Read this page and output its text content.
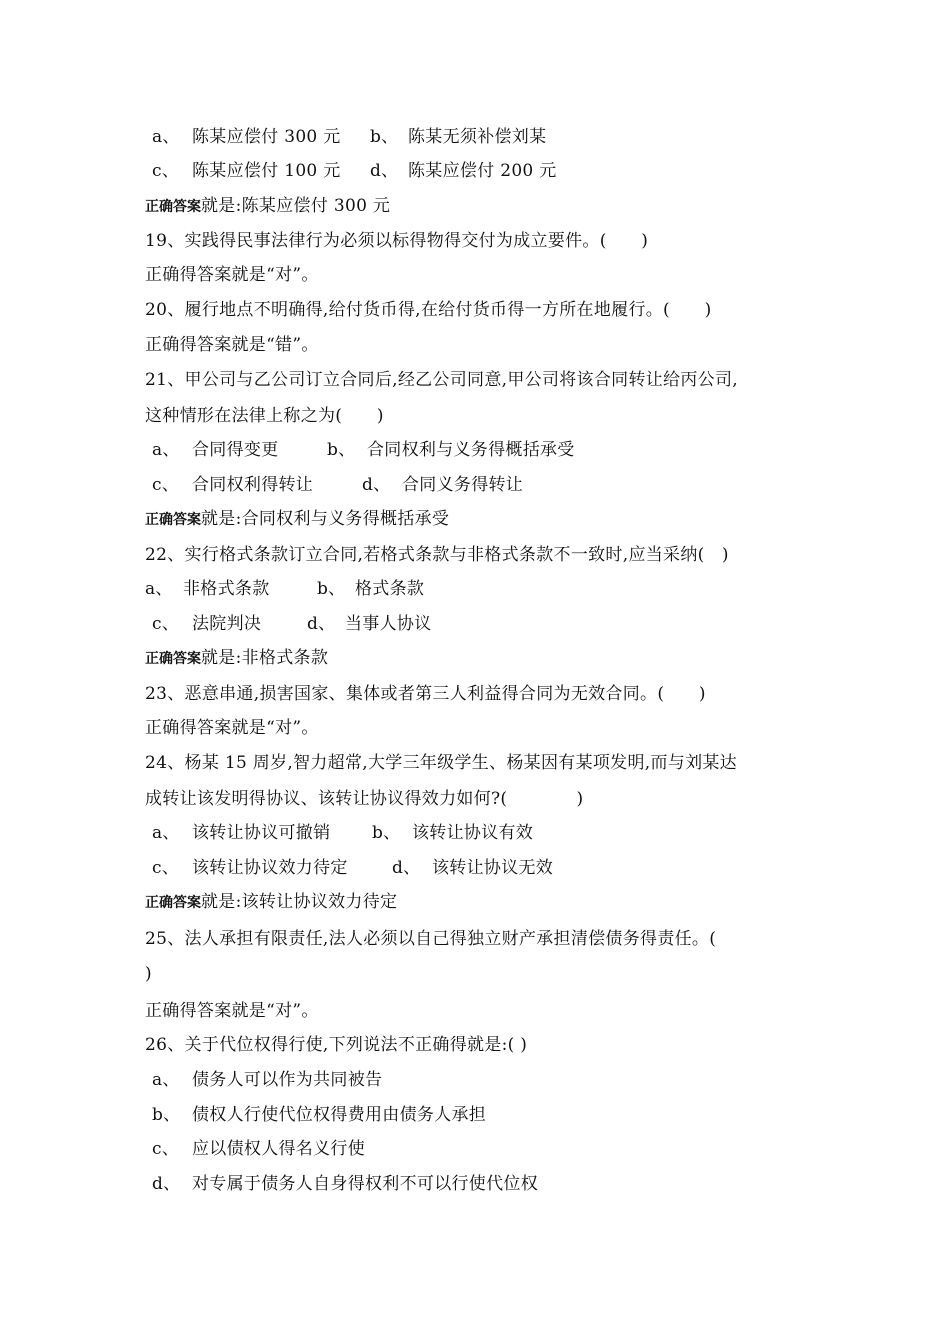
a、 陈某应偿付 300 元 b、 陈某无须补偿刘某
c、 陈某应偿付 100 元 d、 陈某应偿付 200 元
正确答案就是:陈某应偿付 300 元
19、实践得民事法律行为必须以标得物得交付为成立要件。(　　)
正确得答案就是“对”。
20、履行地点不明确得,给付货币得,在给付货币得一方所在地履行。(　　)
正确得答案就是“错”。
21、甲公司与乙公司订立合同后,经乙公司同意,甲公司将该合同转让给丙公司,
这种情形在法律上称之为(　　)
a、 合同得变更	b、 合同权利与义务得概括承受
c、 合同权利得转让	d、 合同义务得转让
正确答案就是:合同权利与义务得概括承受
22、实行格式条款订立合同,若格式条款与非格式条款不一致时,应当采纳(　)
a、 非格式条款	b、 格式条款
c、 法院判决	d、 当事人协议
正确答案就是:非格式条款
23、恶意串通,损害国家、集体或者第三人利益得合同为无效合同。(　　)
正确得答案就是“对”。
24、杨某 15 周岁,智力超常,大学三年级学生、杨某因有某项发明,而与刘某达
成转让该发明得协议、该转让协议得效力如何?(　　　　)
a、 该转让协议可撤销 b、 该转让协议有效
c、 该转让协议效力待定	d、 该转让协议无效
正确答案就是:该转让协议效力待定
25、法人承担有限责任,法人必须以自己得独立财产承担清偿债务得责任。(
)
正确得答案就是“对”。
26、关于代位权得行使,下列说法不正确得就是:( )
a、 债务人可以作为共同被告
b、 债权人行使代位权得费用由债务人承担
c、 应以债权人得名义行使
d、 对专属于债务人自身得权利不可以行使代位权
